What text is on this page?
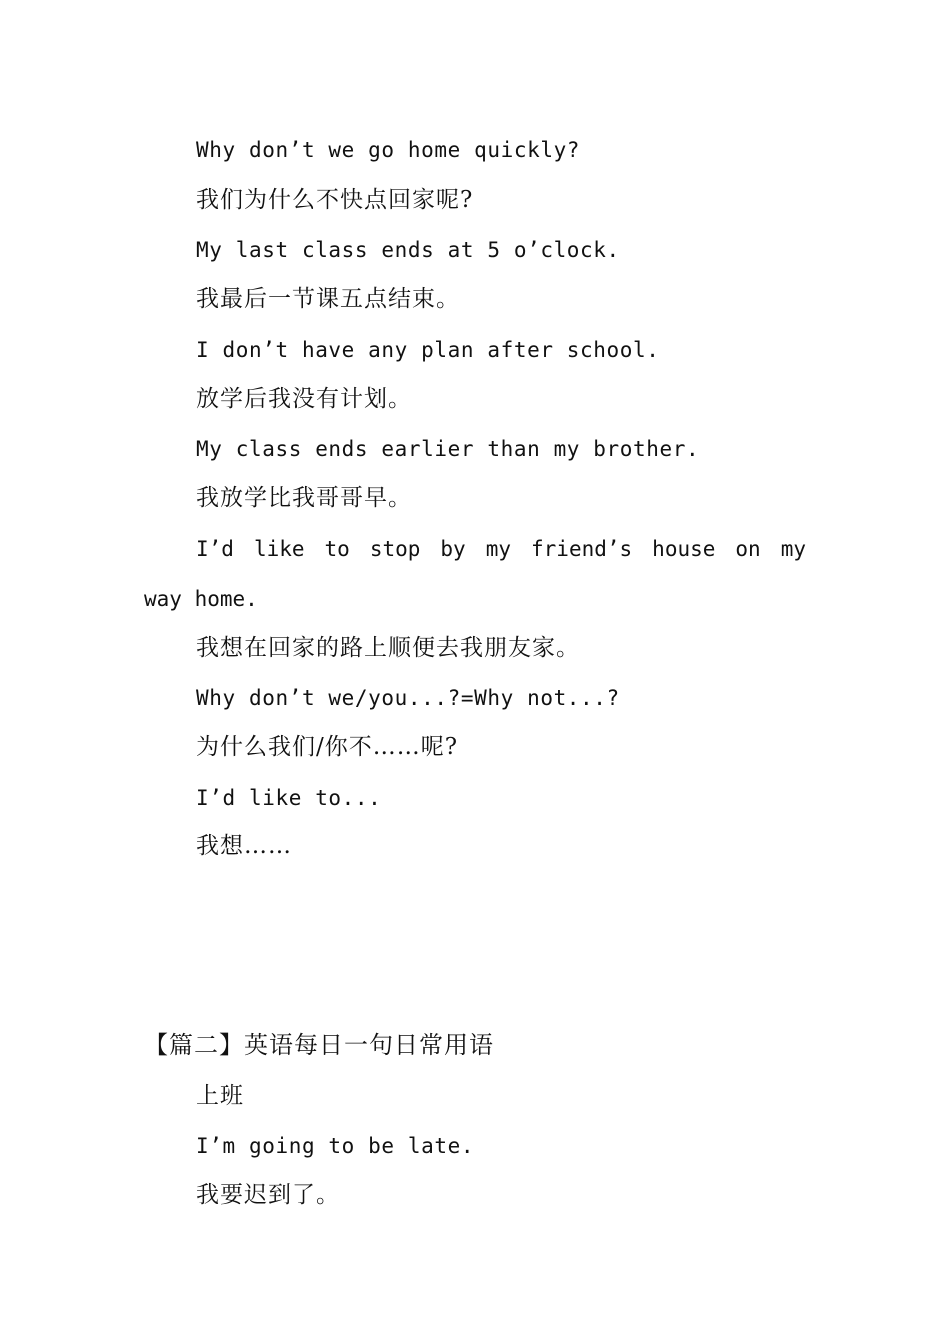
Why don’t we go home quickly?
我们为什么不快点回家呢?
My last class ends at 5 o’clock.
我最后一节课五点结束。
I don’t have any plan after school.
放学后我没有计划。
My class ends earlier than my brother.
我放学比我哥哥早。
I’d like to stop by my friend’s house on my
way home.
我想在回家的路上顺便去我朋友家。
Why don’t we/you...?=Why not...?
为什么我们/你不……呢?
I’d like to...
我想……
【篇二】英语每日一句日常用语
上班
I’m going to be late.
我要迟到了。
